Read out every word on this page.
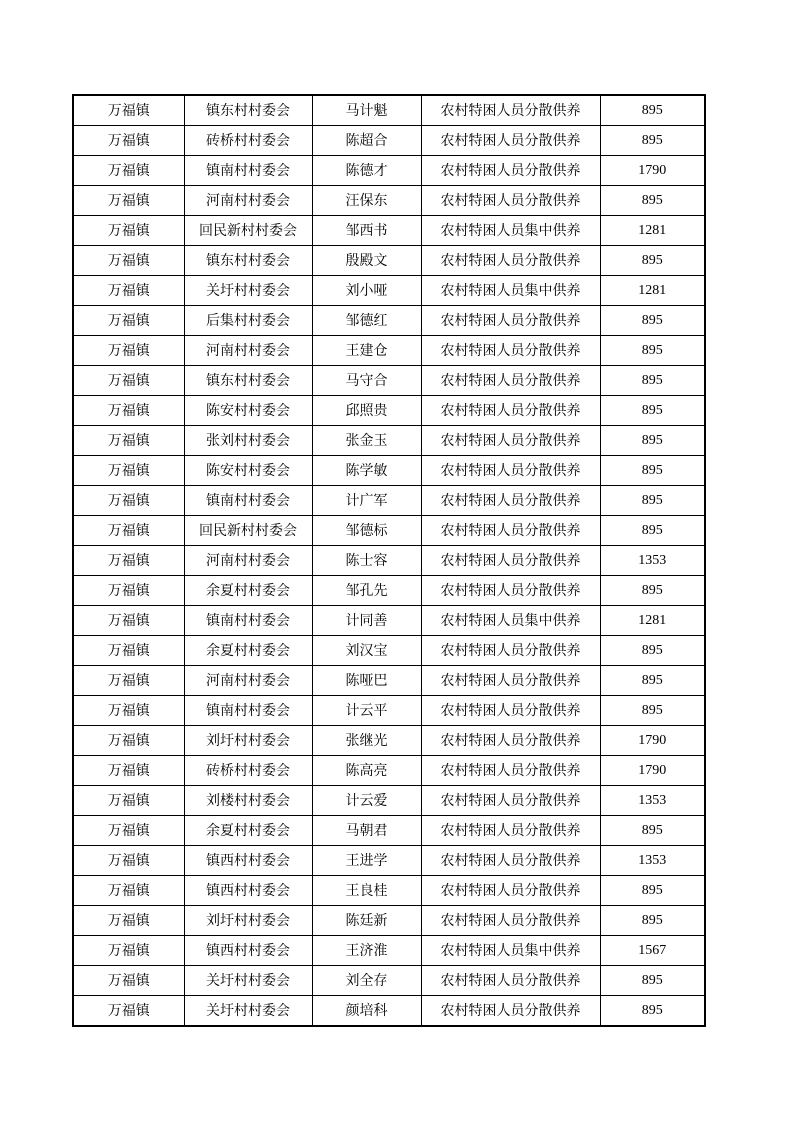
万福镇	镇东村村委会	马计魁	农村特困人员分散供养	895
万福镇	砖桥村村委会	陈超合	农村特困人员分散供养	895
万福镇	镇南村村委会	陈德才	农村特困人员分散供养	1790
万福镇	河南村村委会	汪保东	农村特困人员分散供养	895
万福镇	回民新村村委会	邹西书	农村特困人员集中供养	1281
万福镇	镇东村村委会	殷殿文	农村特困人员分散供养	895
万福镇	关圩村村委会	刘小哑	农村特困人员集中供养	1281
万福镇	后集村村委会	邹德红	农村特困人员分散供养	895
万福镇	河南村村委会	王建仓	农村特困人员分散供养	895
万福镇	镇东村村委会	马守合	农村特困人员分散供养	895
万福镇	陈安村村委会	邱照贵	农村特困人员分散供养	895
万福镇	张刘村村委会	张金玉	农村特困人员分散供养	895
万福镇	陈安村村委会	陈学敏	农村特困人员分散供养	895
万福镇	镇南村村委会	计广军	农村特困人员分散供养	895
万福镇	回民新村村委会	邹德标	农村特困人员分散供养	895
万福镇	河南村村委会	陈士容	农村特困人员分散供养	1353
万福镇	余夏村村委会	邹孔先	农村特困人员分散供养	895
万福镇	镇南村村委会	计同善	农村特困人员集中供养	1281
万福镇	余夏村村委会	刘汉宝	农村特困人员分散供养	895
万福镇	河南村村委会	陈哑巴	农村特困人员分散供养	895
万福镇	镇南村村委会	计云平	农村特困人员分散供养	895
万福镇	刘圩村村委会	张继光	农村特困人员分散供养	1790
万福镇	砖桥村村委会	陈高亮	农村特困人员分散供养	1790
万福镇	刘楼村村委会	计云爱	农村特困人员分散供养	1353
万福镇	余夏村村委会	马朝君	农村特困人员分散供养	895
万福镇	镇西村村委会	王进学	农村特困人员分散供养	1353
万福镇	镇西村村委会	王良桂	农村特困人员分散供养	895
万福镇	刘圩村村委会	陈廷新	农村特困人员分散供养	895
万福镇	镇西村村委会	王济淮	农村特困人员集中供养	1567
万福镇	关圩村村委会	刘全存	农村特困人员分散供养	895
万福镇	关圩村村委会	颜培科	农村特困人员分散供养	895
